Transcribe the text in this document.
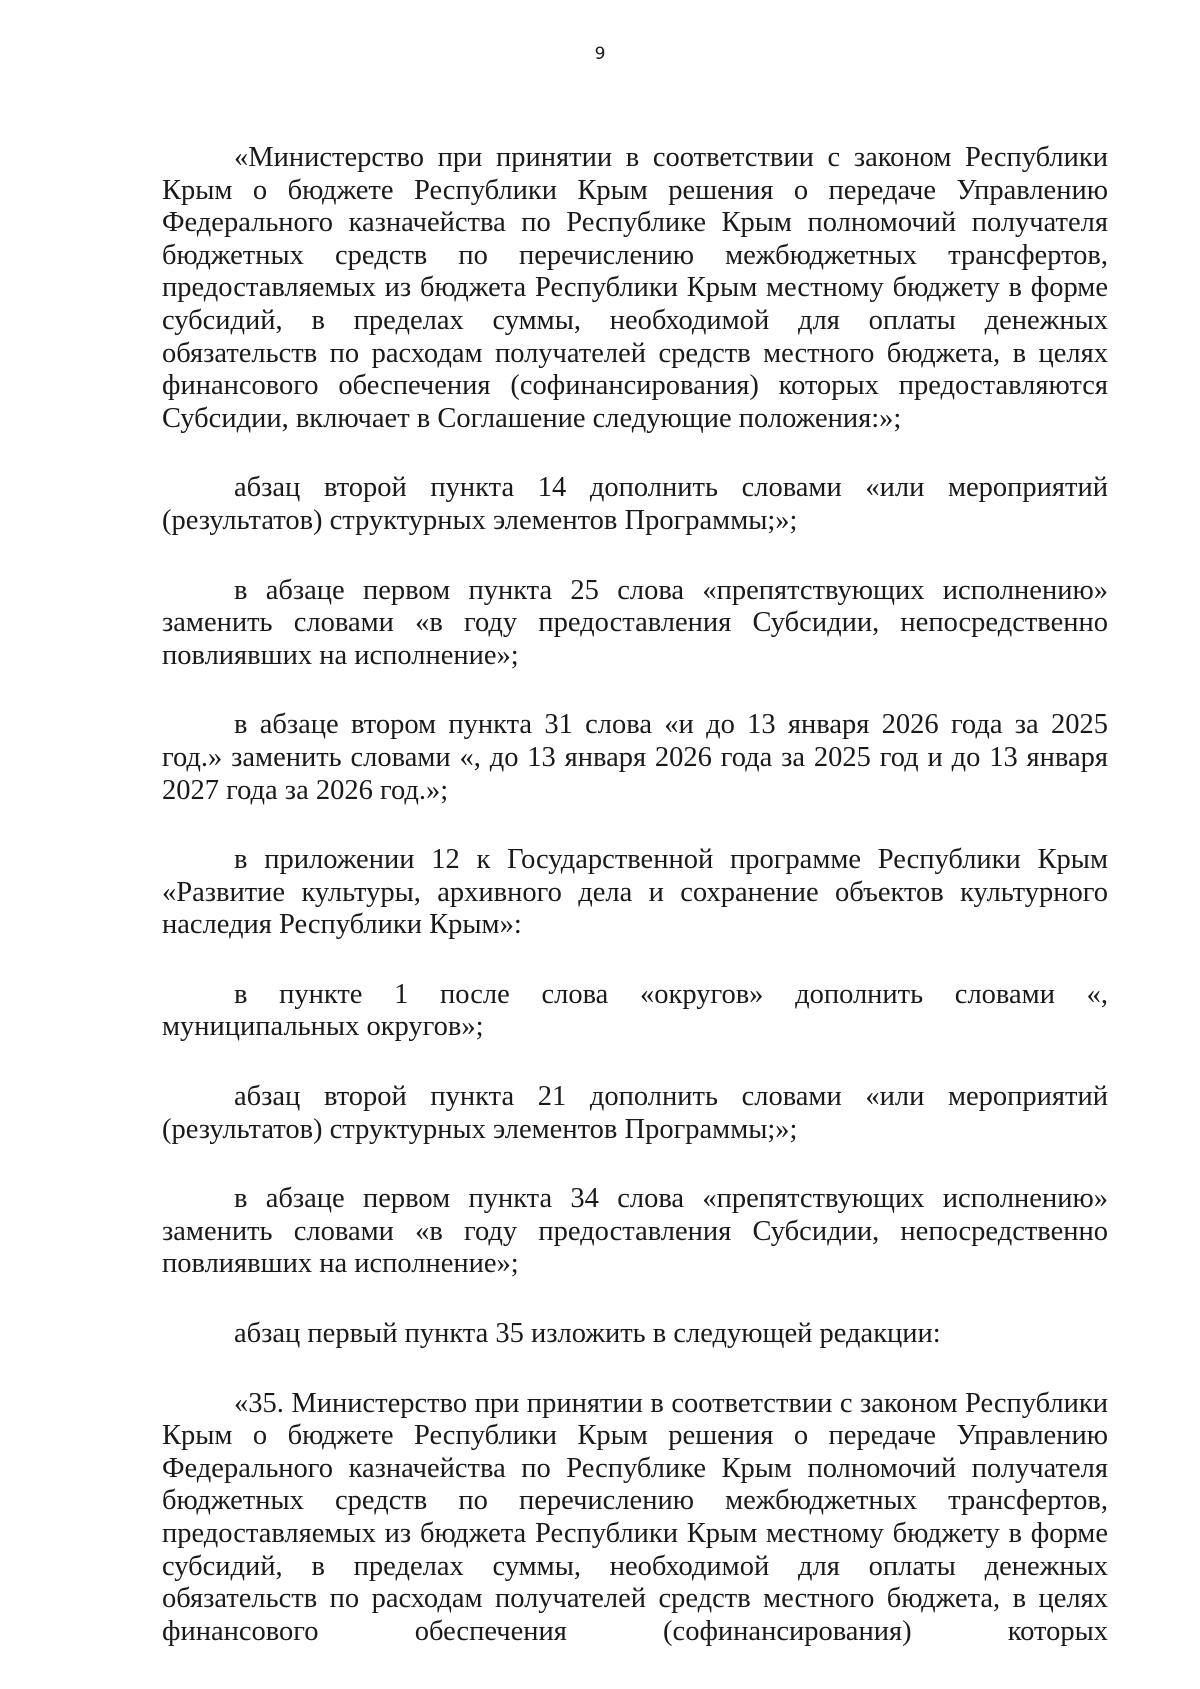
9

«Министерство при принятии в соответствии с законом Республики Крым о бюджете Республики Крым решения о передаче Управлению Федерального казначейства по Республике Крым полномочий получателя бюджетных средств по перечислению межбюджетных трансфертов, предоставляемых из бюджета Республики Крым местному бюджету в форме субсидий, в пределах суммы, необходимой для оплаты денежных обязательств по расходам получателей средств местного бюджета, в целях финансового обеспечения (софинансирования) которых предоставляются Субсидии, включает в Соглашение следующие положения:»;

абзац второй пункта 14 дополнить словами «или мероприятий (результатов) структурных элементов Программы;»;

в абзаце первом пункта 25 слова «препятствующих исполнению» заменить словами «в году предоставления Субсидии, непосредственно повлиявших на исполнение»;

в абзаце втором пункта 31 слова «и до 13 января 2026 года за 2025 год.» заменить словами «, до 13 января 2026 года за 2025 год и до 13 января 2027 года за 2026 год.»;

в приложении 12 к Государственной программе Республики Крым «Развитие культуры, архивного дела и сохранение объектов культурного наследия Республики Крым»:

в пункте 1 после слова «округов» дополнить словами «, муниципальных округов»;

абзац второй пункта 21 дополнить словами «или мероприятий (результатов) структурных элементов Программы;»;

в абзаце первом пункта 34 слова «препятствующих исполнению» заменить словами «в году предоставления Субсидии, непосредственно повлиявших на исполнение»;

абзац первый пункта 35 изложить в следующей редакции:

«35. Министерство при принятии в соответствии с законом Республики Крым о бюджете Республики Крым решения о передаче Управлению Федерального казначейства по Республике Крым полномочий получателя бюджетных средств по перечислению межбюджетных трансфертов, предоставляемых из бюджета Республики Крым местному бюджету в форме субсидий, в пределах суммы, необходимой для оплаты денежных обязательств по расходам получателей средств местного бюджета, в целях финансового обеспечения (софинансирования) которых
